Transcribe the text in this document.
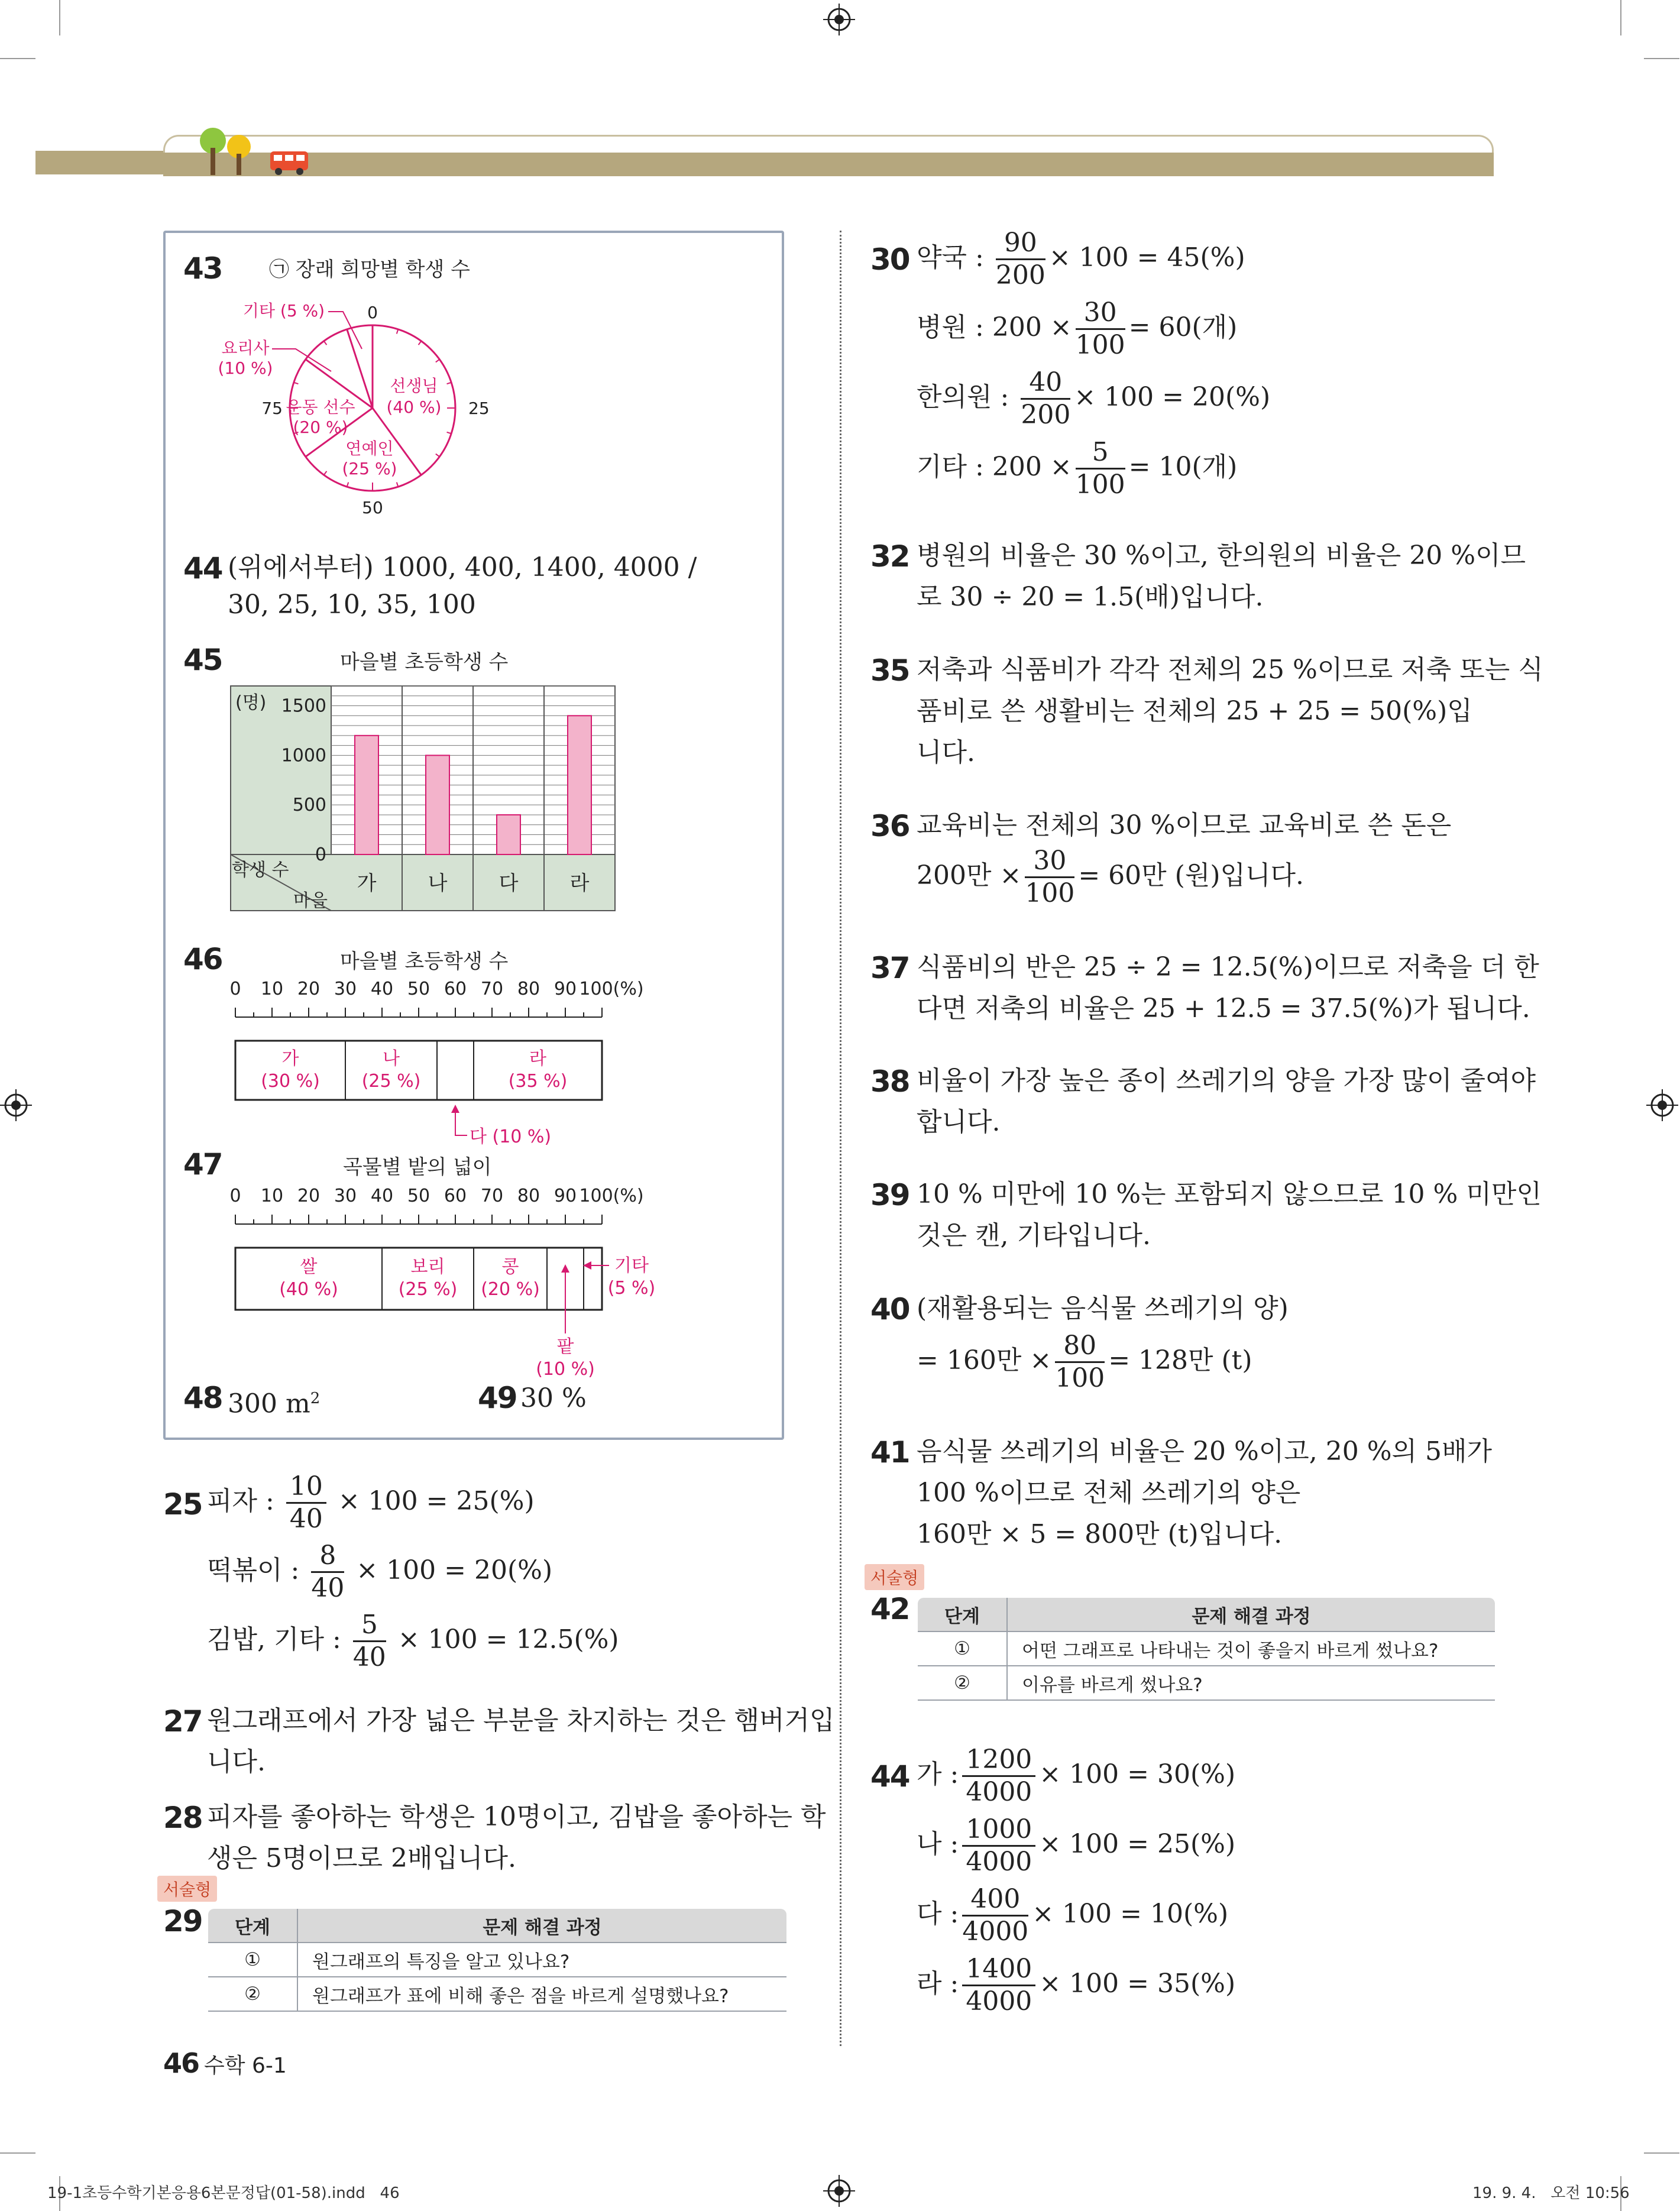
43 ㉠ 장래 희망별 학생 수
0
25
50
75
선생님
(40 %)
연예인
(25 %)
운동 선수
(20 %)
요리사
(10 %)
기타 (5 %)
44 (위에서부터) 1000, 400, 1400, 4000 /
30, 25, 10, 35, 100
45	마을별 초등학생 수
가	나	다	라
1500
1000
500
0
(명)
학생 수
마을
46	마을별 초등학생 수
0 10 20 30 40 50 60 70 80 90 100(%)
가
(30 %)
나
(25 %)
라
(35 %)
다 (10 %)
47	곡물별 밭의 넓이
0 10 20 30 40 50 60 70 80 90 100(%)
쌀
(40 %)
보리
(25 %)
콩
(20 %)
기타
(5 %)
팥
(10 %)
48 300 $m^2$	49 30 %
25 피자 : $\frac{10}{40} \times 100 = 25(\%)$
떡볶이 : $\frac{8}{40} \times 100 = 20(\%)$
김밥, 기타 : $\frac{5}{40} \times 100 = 12.5(\%)$
27 원그래프에서 가장 넓은 부분을 차지하는 것은 햄버거입
니다.
28 피자를 좋아하는 학생은 10명이고, 김밥을 좋아하는 학
생은 5명이므로 2배입니다.
서술형
29 단계	문제 해결 과정
①	원그래프의 특징을 알고 있나요?
②	원그래프가 표에 비해 좋은 점을 바르게 설명했나요?
46 수학 6-1
30 약국 : $\frac{90}{200} \times 100 = 45(\%)$
병원 : $200 \times \frac{30}{100} = 60$(개)
한의원 : $\frac{40}{200} \times 100 = 20(\%)$
기타 : $200 \times \frac{5}{100} = 10$(개)
32 병원의 비율은 30 %이고, 한의원의 비율은 20 %이므
로 30 ÷ 20 = 1.5(배)입니다.
35 저축과 식품비가 각각 전체의 25 %이므로 저축 또는 식
품비로 쓴 생활비는 전체의 25 + 25 = 50(%)입
니다.
36 교육비는 전체의 30 %이므로 교육비로 쓴 돈은
200만 × $\frac{30}{100} = 60$만 (원)입니다.
37 식품비의 반은 25 ÷ 2 = 12.5(%)이므로 저축을 더 한
다면 저축의 비율은 25 + 12.5 = 37.5(%)가 됩니다.
38 비율이 가장 높은 종이 쓰레기의 양을 가장 많이 줄여야
합니다.
39 10 % 미만에 10 %는 포함되지 않으므로 10 % 미만인
것은 캔, 기타입니다.
40 (재활용되는 음식물 쓰레기의 양)
= 160만 × $\frac{80}{100} = 128$만 (t)
41 음식물 쓰레기의 비율은 20 %이고, 20 %의 5배가
100 %이므로 전체 쓰레기의 양은
160만 × 5 = 800만 (t)입니다.
서술형
42 단계	문제 해결 과정
①	어떤 그래프로 나타내는 것이 좋을지 바르게 썼나요?
②	이유를 바르게 썼나요?
44 가 : $\frac{1200}{4000} \times 100 = 30(\%)$
나 : $\frac{1000}{4000} \times 100 = 25(\%)$
다 : $\frac{400}{4000} \times 100 = 10(\%)$
라 : $\frac{1400}{4000} \times 100 = 35(\%)$
19-1초등수학기본응용6본문정답(01-58).indd   46	19. 9. 4.   오전 10:56
